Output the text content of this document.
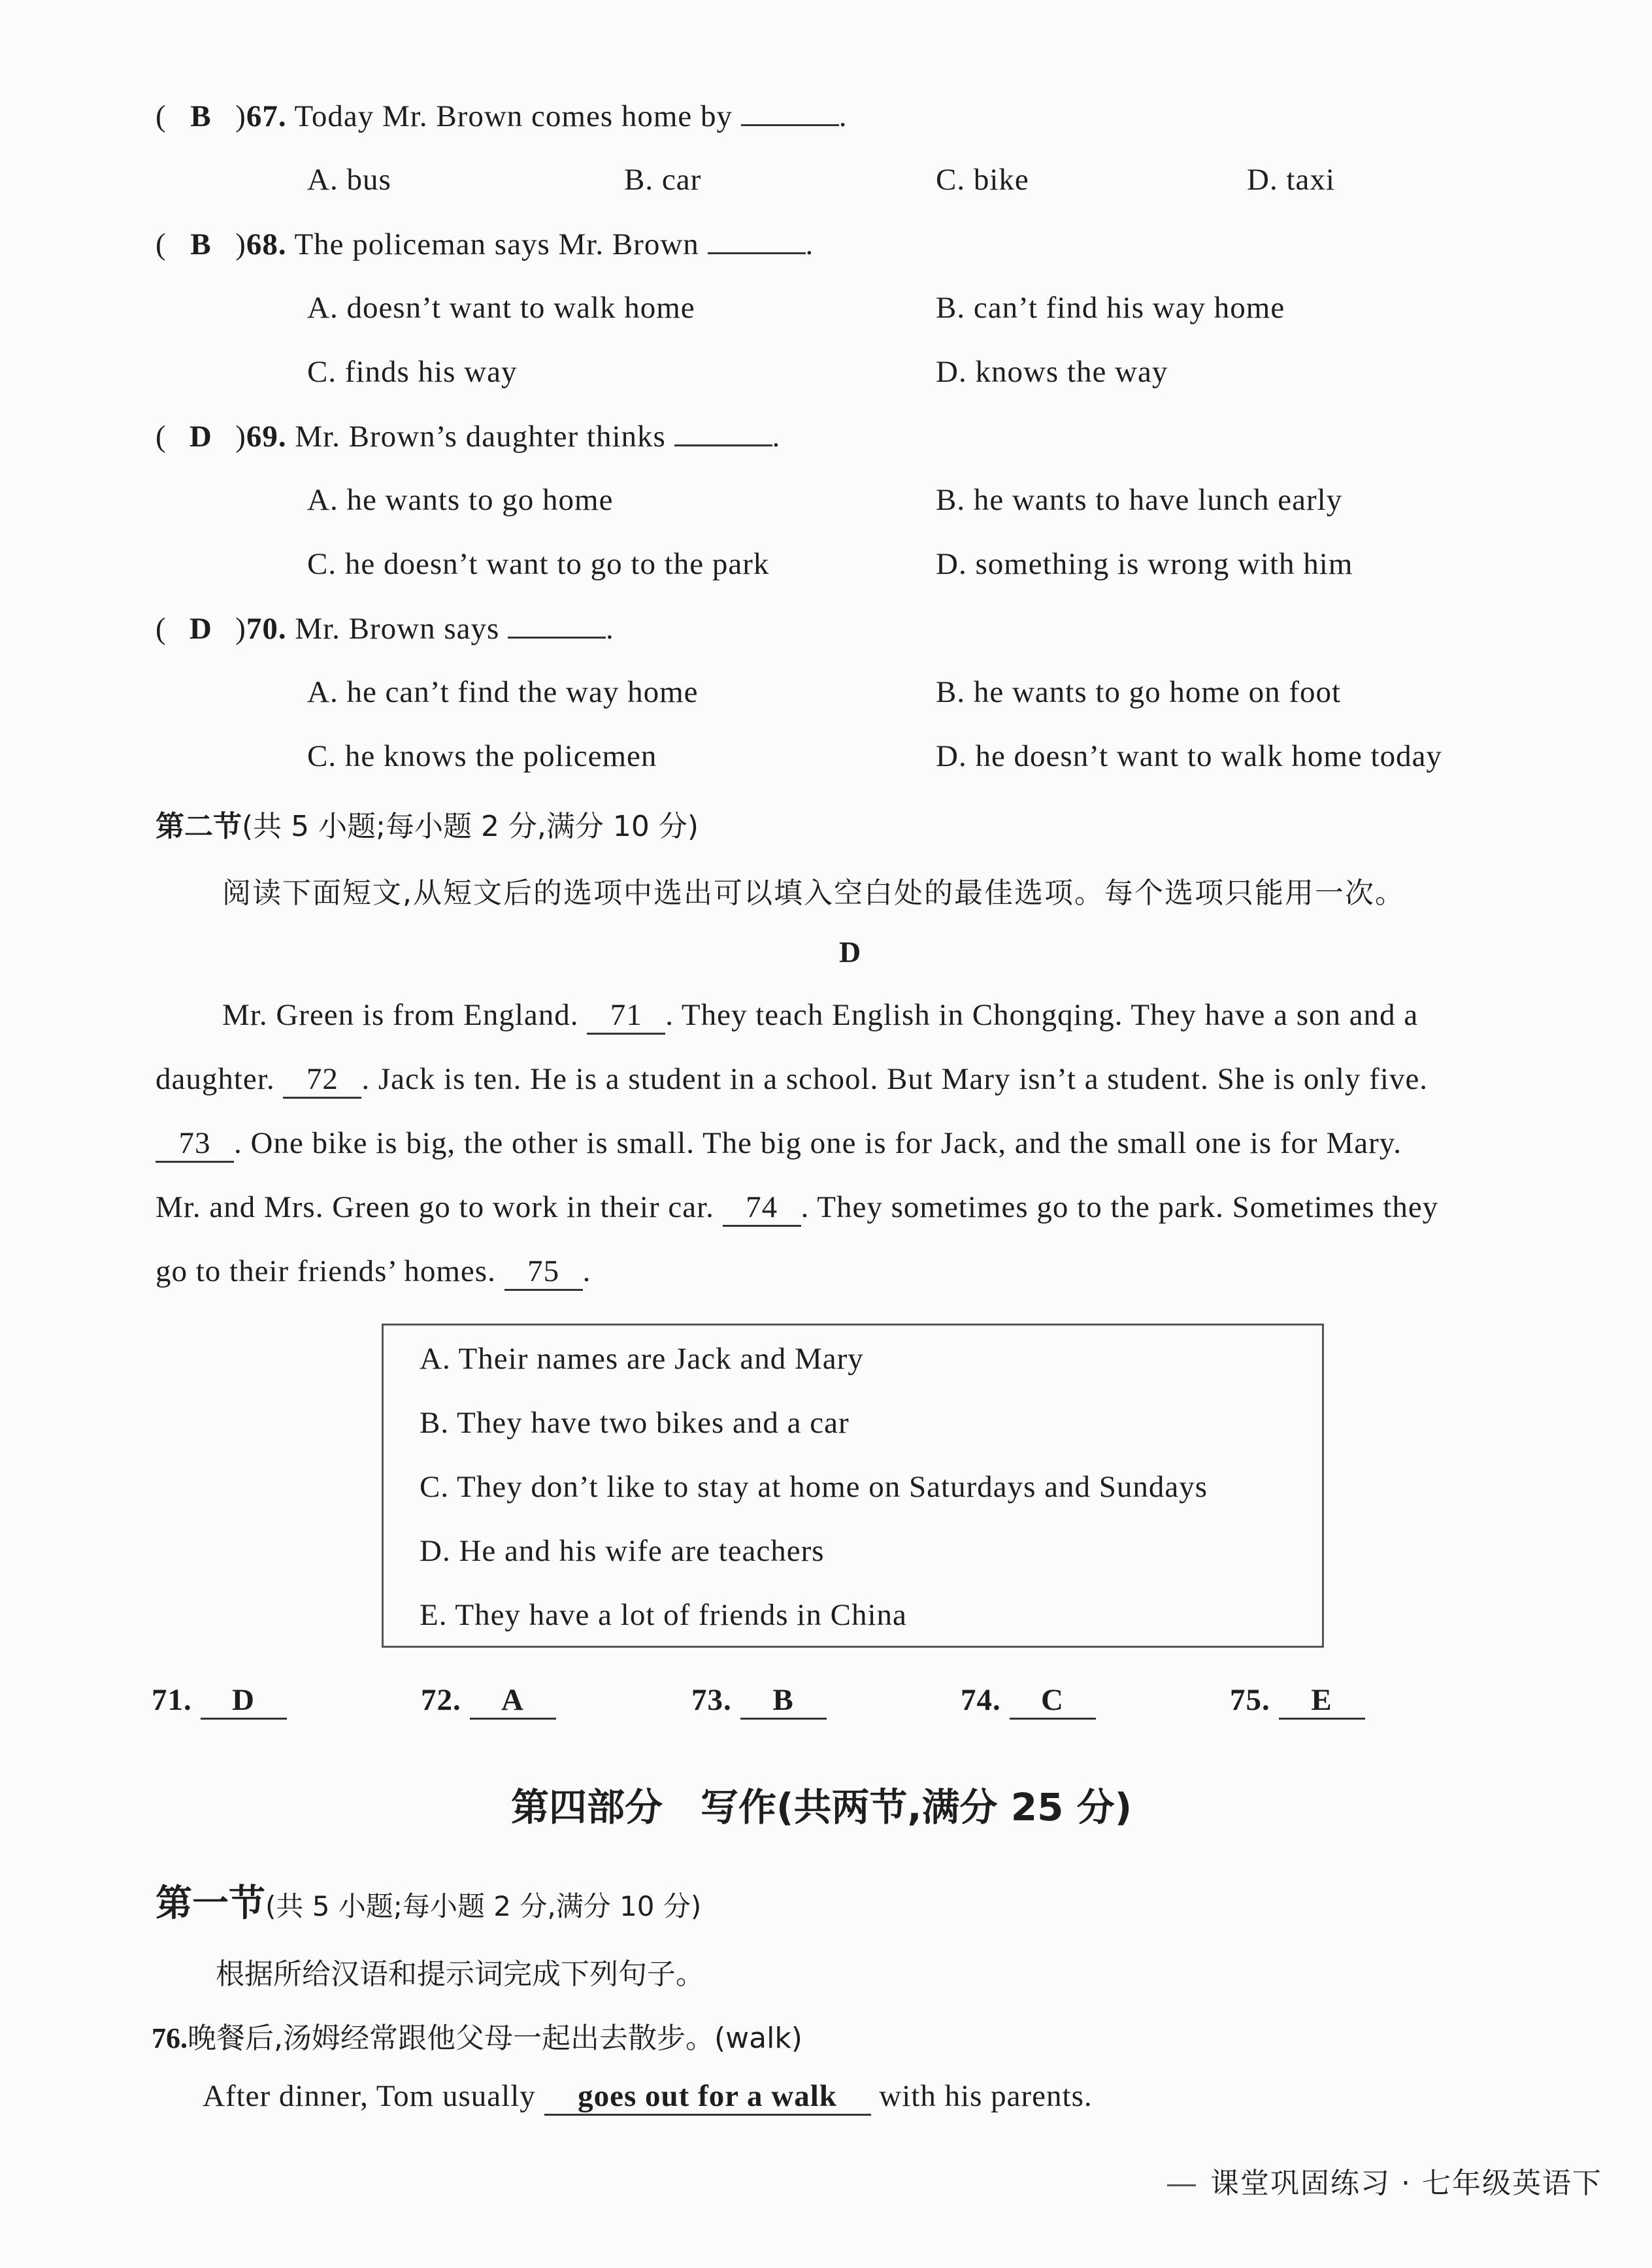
( B )67. Today Mr. Brown comes home by	.
A. bus	B. car	C. bike	D. taxi
( B )68. The policeman says Mr. Brown	.
A. doesn’t want to walk home	B. can’t find his way home
C. finds his way	D. knows the way
( D )69. Mr. Brown’s daughter thinks	.
A. he wants to go home	B. he wants to have lunch early
C. he doesn’t want to go to the park	D. something is wrong with him
( D )70. Mr. Brown says	.
A. he can’t find the way home	B. he wants to go home on foot
C. he knows the policemen	D. he doesn’t want to walk home today
第二节(共 5 小题;每小题 2 分,满分 10 分)
阅读下面短文,从短文后的选项中选出可以填入空白处的最佳选项。每个选项只能用一次。
D
Mr. Green is from England. 71 . They teach English in Chongqing. They have a son and a
daughter. 72 . Jack is ten. He is a student in a school. But Mary isn’t a student. She is only five.
73 . One bike is big, the other is small. The big one is for Jack, and the small one is for Mary.
Mr. and Mrs. Green go to work in their car. 74 . They sometimes go to the park. Sometimes they
go to their friends’ homes. 75 .
A. Their names are Jack and Mary
B. They have two bikes and a car
C. They don’t like to stay at home on Saturdays and Sundays
D. He and his wife are teachers
E. They have a lot of friends in China
71. D	72. A	73. B	74. C	75. E
第四部分　写作(共两节,满分 25 分)
第一节(共 5 小题;每小题 2 分,满分 10 分)
根据所给汉语和提示词完成下列句子。
76.晚餐后,汤姆经常跟他父母一起出去散步。(walk)
After dinner, Tom usually goes out for a walk with his parents.
课堂巩固练习 · 七年级英语下
